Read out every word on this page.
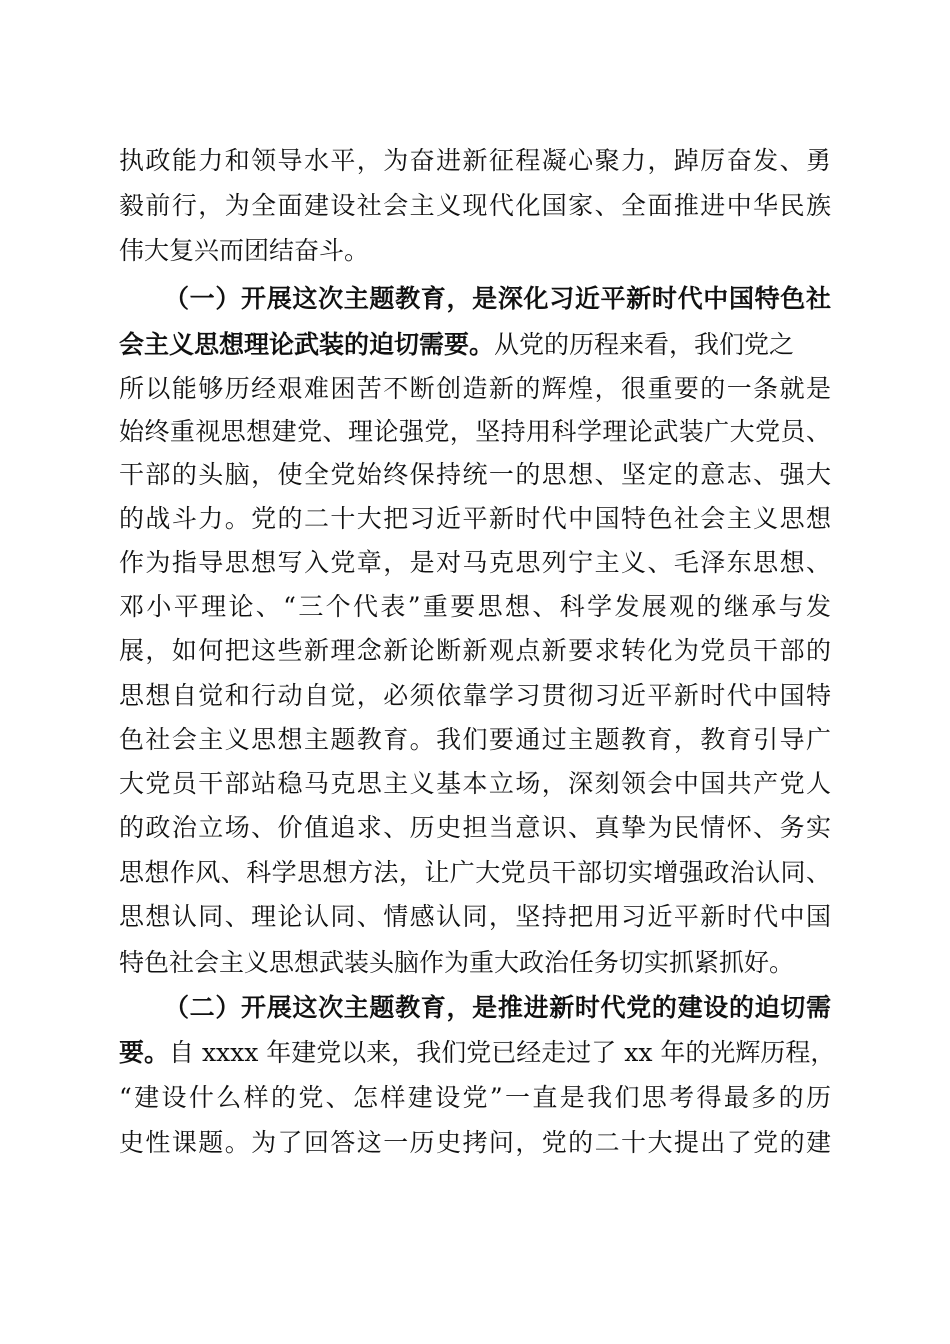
执政能力和领导水平，为奋进新征程凝心聚力，踔厉奋发、勇
毅前行，为全面建设社会主义现代化国家、全面推进中华民族
伟大复兴而团结奋斗。
（一）开展这次主题教育，是深化习近平新时代中国特色社
会主义思想理论武装的迫切需要。从党的历程来看，我们党之
所以能够历经艰难困苦不断创造新的辉煌，很重要的一条就是
始终重视思想建党、理论强党，坚持用科学理论武装广大党员、
干部的头脑，使全党始终保持统一的思想、坚定的意志、强大
的战斗力。党的二十大把习近平新时代中国特色社会主义思想
作为指导思想写入党章，是对马克思列宁主义、毛泽东思想、
邓小平理论、“三个代表”重要思想、科学发展观的继承与发
展，如何把这些新理念新论断新观点新要求转化为党员干部的
思想自觉和行动自觉，必须依靠学习贯彻习近平新时代中国特
色社会主义思想主题教育。我们要通过主题教育，教育引导广
大党员干部站稳马克思主义基本立场，深刻领会中国共产党人
的政治立场、价值追求、历史担当意识、真挚为民情怀、务实
思想作风、科学思想方法，让广大党员干部切实增强政治认同、
思想认同、理论认同、情感认同，坚持把用习近平新时代中国
特色社会主义思想武装头脑作为重大政治任务切实抓紧抓好。
（二）开展这次主题教育，是推进新时代党的建设的迫切需
要。自 xxxx 年建党以来，我们党已经走过了 xx 年的光辉历程，
“建设什么样的党、怎样建设党”一直是我们思考得最多的历
史性课题。为了回答这一历史拷问，党的二十大提出了党的建
